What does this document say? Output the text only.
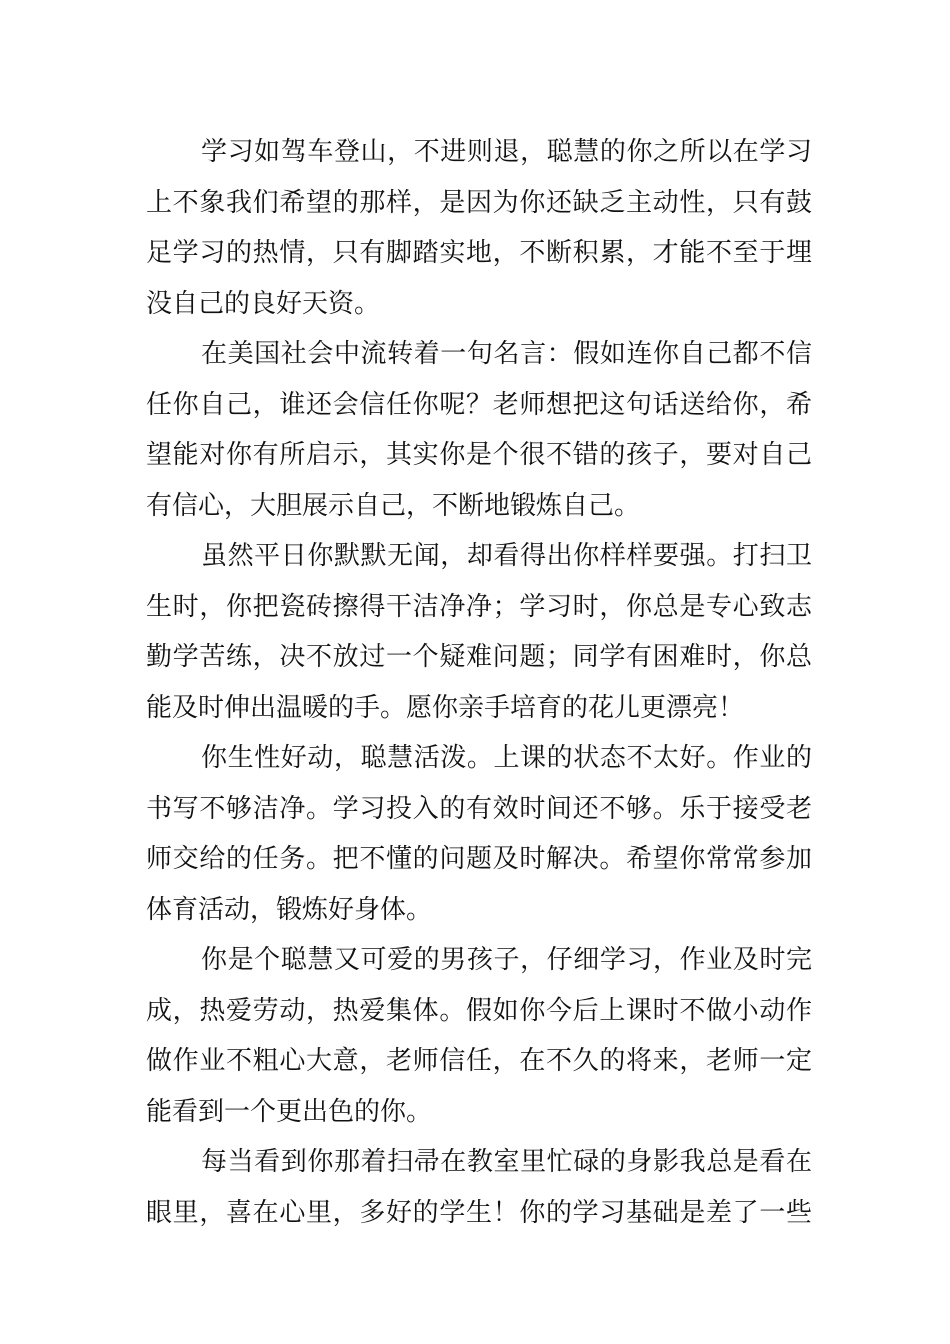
学习如驾车登山，不进则退，聪慧的你之所以在学习
上不象我们希望的那样，是因为你还缺乏主动性，只有鼓
足学习的热情，只有脚踏实地，不断积累，才能不至于埋
没自己的良好天资。
在美国社会中流转着一句名言：假如连你自己都不信
任你自己，谁还会信任你呢？老师想把这句话送给你，希
望能对你有所启示，其实你是个很不错的孩子，要对自己
有信心，大胆展示自己，不断地锻炼自己。
虽然平日你默默无闻，却看得出你样样要强。打扫卫
生时，你把瓷砖擦得干洁净净；学习时，你总是专心致志
勤学苦练，决不放过一个疑难问题；同学有困难时，你总
能及时伸出温暖的手。愿你亲手培育的花儿更漂亮！
你生性好动，聪慧活泼。上课的状态不太好。作业的
书写不够洁净。学习投入的有效时间还不够。乐于接受老
师交给的任务。把不懂的问题及时解决。希望你常常参加
体育活动，锻炼好身体。
你是个聪慧又可爱的男孩子，仔细学习，作业及时完
成，热爱劳动，热爱集体。假如你今后上课时不做小动作
做作业不粗心大意，老师信任，在不久的将来，老师一定
能看到一个更出色的你。
每当看到你那着扫帚在教室里忙碌的身影我总是看在
眼里，喜在心里，多好的学生！你的学习基础是差了一些
